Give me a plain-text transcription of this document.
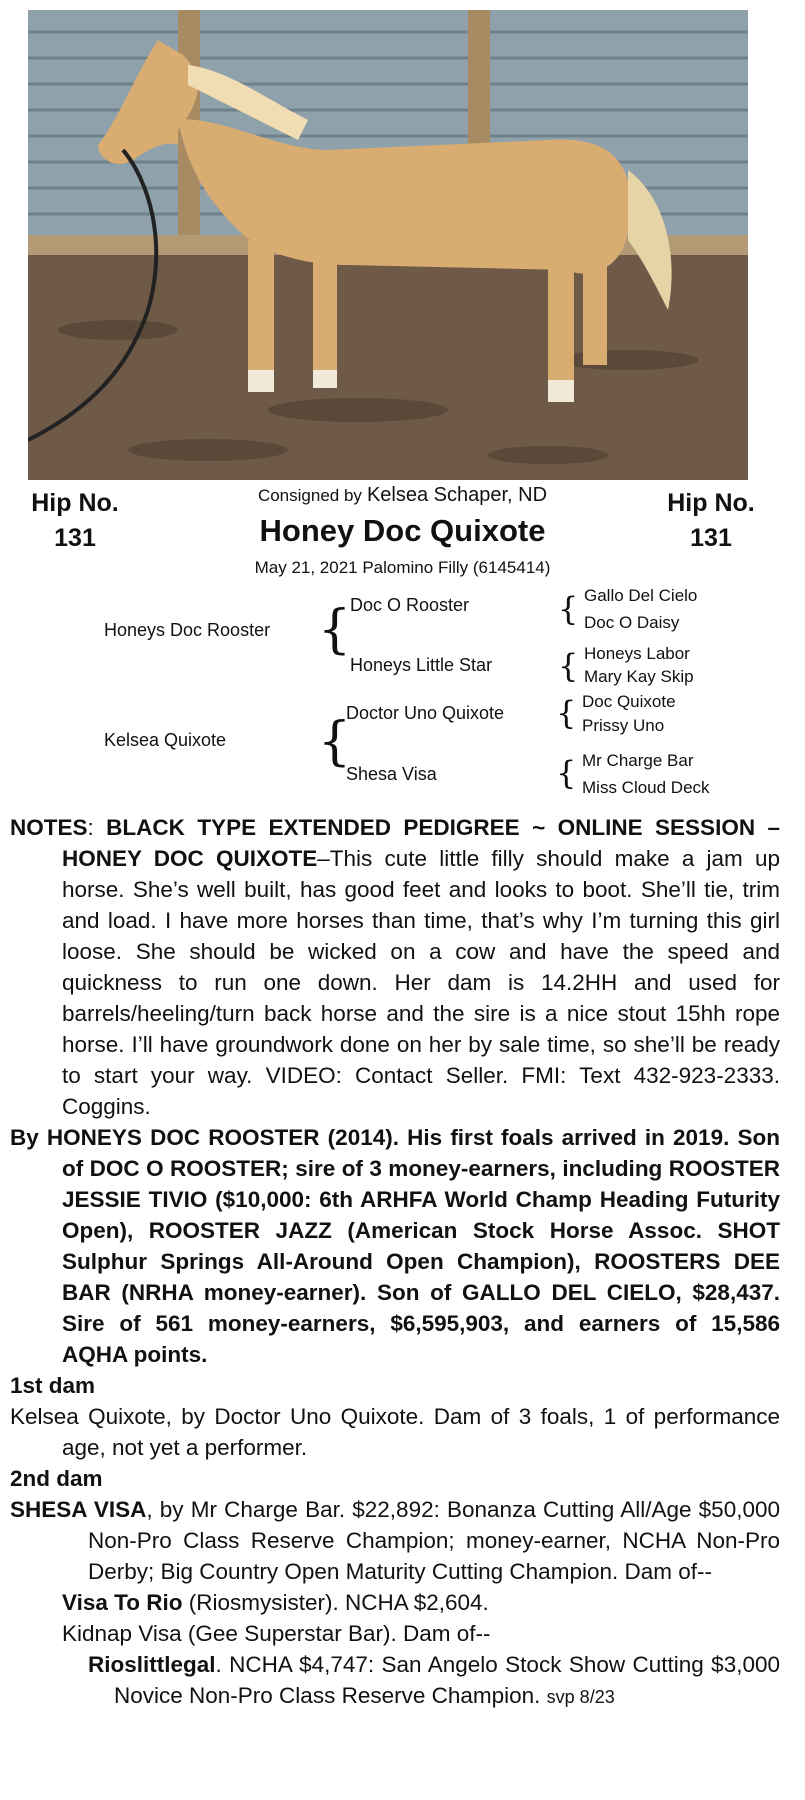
Hip No.
131
Hip No.
131
Consigned by Kelsea Schaper, ND
Honey Doc Quixote
May 21, 2021 Palomino Filly (6145414)
Honeys Doc Rooster {
Doc O Rooster
Honeys Little Star
{ Gallo Del Cielo
Doc O Daisy
{ Honeys Labor
Mary Kay Skip
Kelsea Quixote {
Doctor Uno Quixote
Shesa Visa
{ Doc Quixote
Prissy Uno
{ Mr Charge Bar
Miss Cloud Deck

NOTES: BLACK TYPE EXTENDED PEDIGREE ~ ONLINE SESSION – HONEY DOC QUIXOTE–This cute little filly should make a jam up horse. She’s well built, has good feet and looks to boot. She’ll tie, trim and load. I have more horses than time, that’s why I’m turning this girl loose. She should be wicked on a cow and have the speed and quickness to run one down. Her dam is 14.2HH and used for barrels/heeling/turn back horse and the sire is a nice stout 15hh rope horse. I’ll have groundwork done on her by sale time, so she’ll be ready to start your way. VIDEO: Contact Seller. FMI: Text 432-923-2333. Coggins.

By HONEYS DOC ROOSTER (2014). His first foals arrived in 2019. Son of DOC O ROOSTER; sire of 3 money-earners, including ROOSTER JESSIE TIVIO ($10,000: 6th ARHFA World Champ Heading Futurity Open), ROOSTER JAZZ (American Stock Horse Assoc. SHOT Sulphur Springs All-Around Open Champion), ROOSTERS DEE BAR (NRHA money-earner). Son of GALLO DEL CIELO, $28,437. Sire of 561 money-earners, $6,595,903, and earners of 15,586 AQHA points.

1st dam

Kelsea Quixote, by Doctor Uno Quixote. Dam of 3 foals, 1 of performance age, not yet a performer.

2nd dam

SHESA VISA, by Mr Charge Bar. $22,892: Bonanza Cutting All/Age $50,000 Non-Pro Class Reserve Champion; money-earner, NCHA Non-Pro Derby; Big Country Open Maturity Cutting Champion. Dam of--

Visa To Rio (Riosmysister). NCHA $2,604.

Kidnap Visa (Gee Superstar Bar). Dam of--

Rioslittlegal. NCHA $4,747: San Angelo Stock Show Cutting $3,000 Novice Non-Pro Class Reserve Champion. svp 8/23
